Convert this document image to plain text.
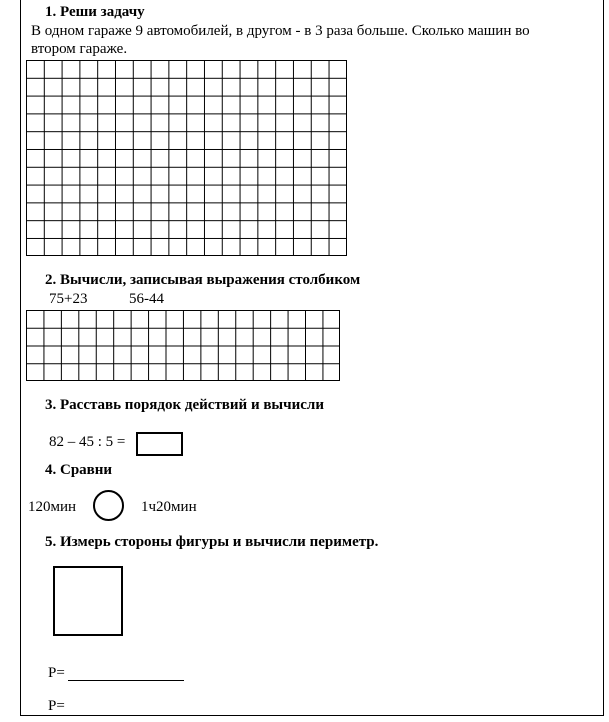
1. Реши задачу
В одном гараже 9 автомобилей, в другом - в 3 раза больше. Сколько машин во
втором гараже.
2. Вычисли, записывая выражения столбиком
75+23	56-44
3. Расставь порядок действий и вычисли
82 – 45 : 5 =
4. Сравни
120мин	1ч20мин
5. Измерь стороны фигуры и вычисли периметр.
P=
P=
